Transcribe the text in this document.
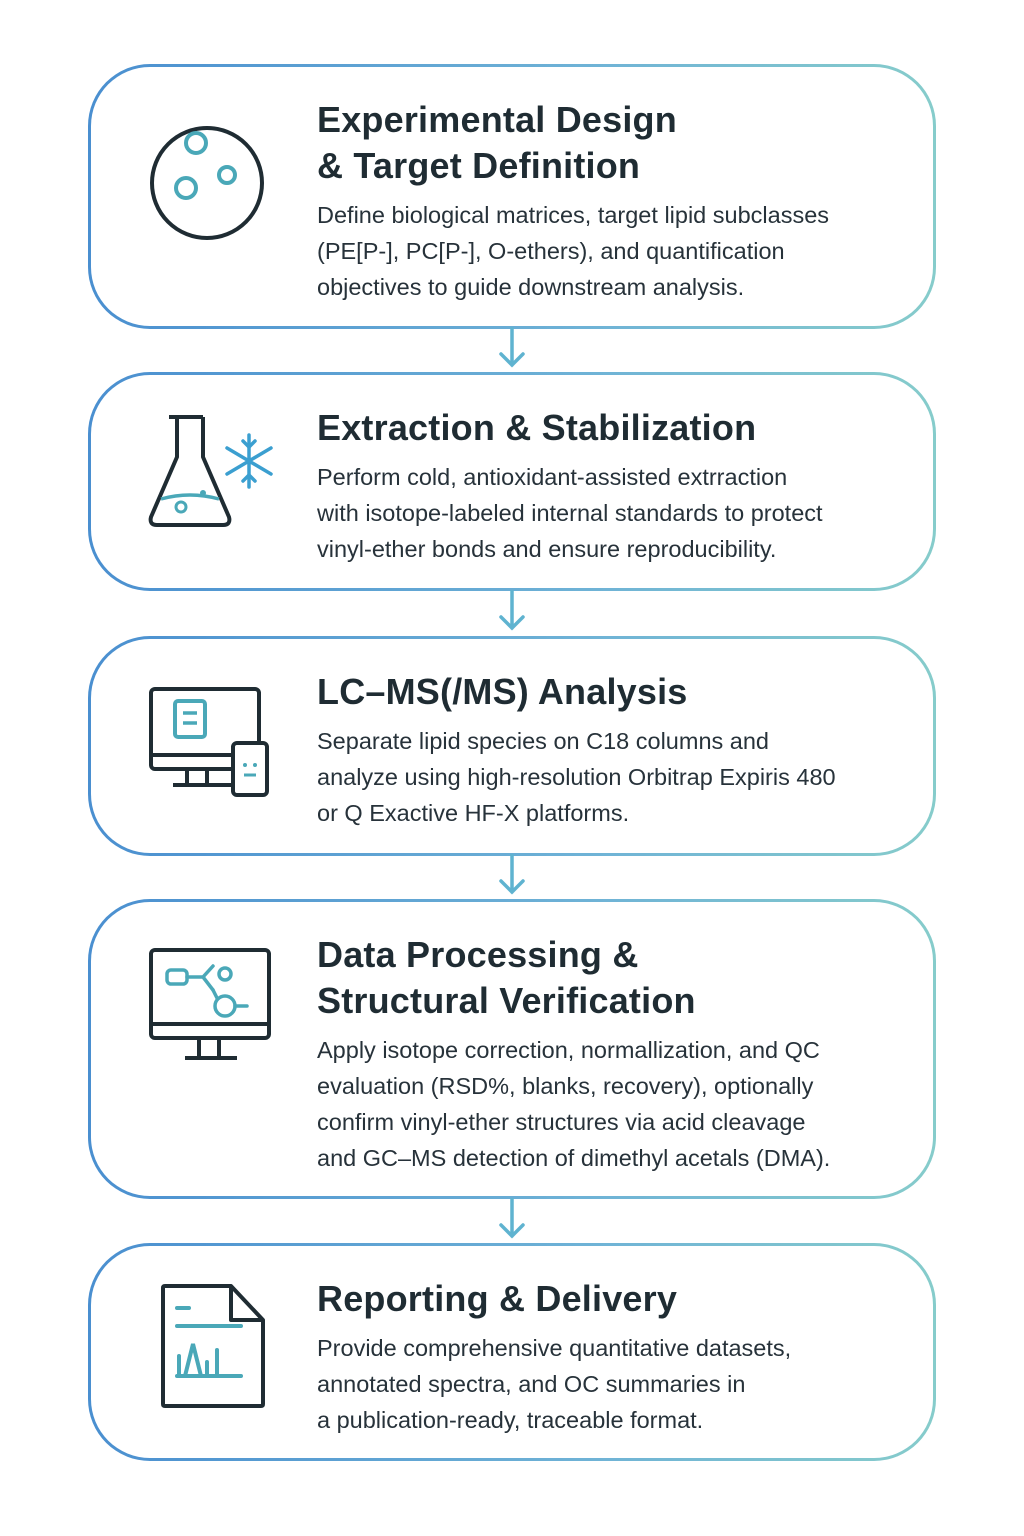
Experimental Design
& Target Definition
Define biological matrices, target lipid subclasses
(PE[P-], PC[P-], O-ethers), and quantification
objectives to guide downstream analysis.
Extraction & Stabilization
Perform cold, antioxidant-assisted extrraction
with isotope-labeled internal standards to protect
vinyl-ether bonds and ensure reproducibility.
LC–MS(/MS) Analysis
Separate lipid species on C18 columns and
analyze using high-resolution Orbitrap Expiris 480
or Q Exactive HF-X platforms.
Data Processing &
Structural Verification
Apply isotope correction, normallization, and QC
evaluation (RSD%, blanks, recovery), optionally
confirm vinyl-ether structures via acid cleavage
and GC–MS detection of dimethyl acetals (DMA).
Reporting & Delivery
Provide comprehensive quantitative datasets,
annotated spectra, and OC summaries in
a publication-ready, traceable format.
